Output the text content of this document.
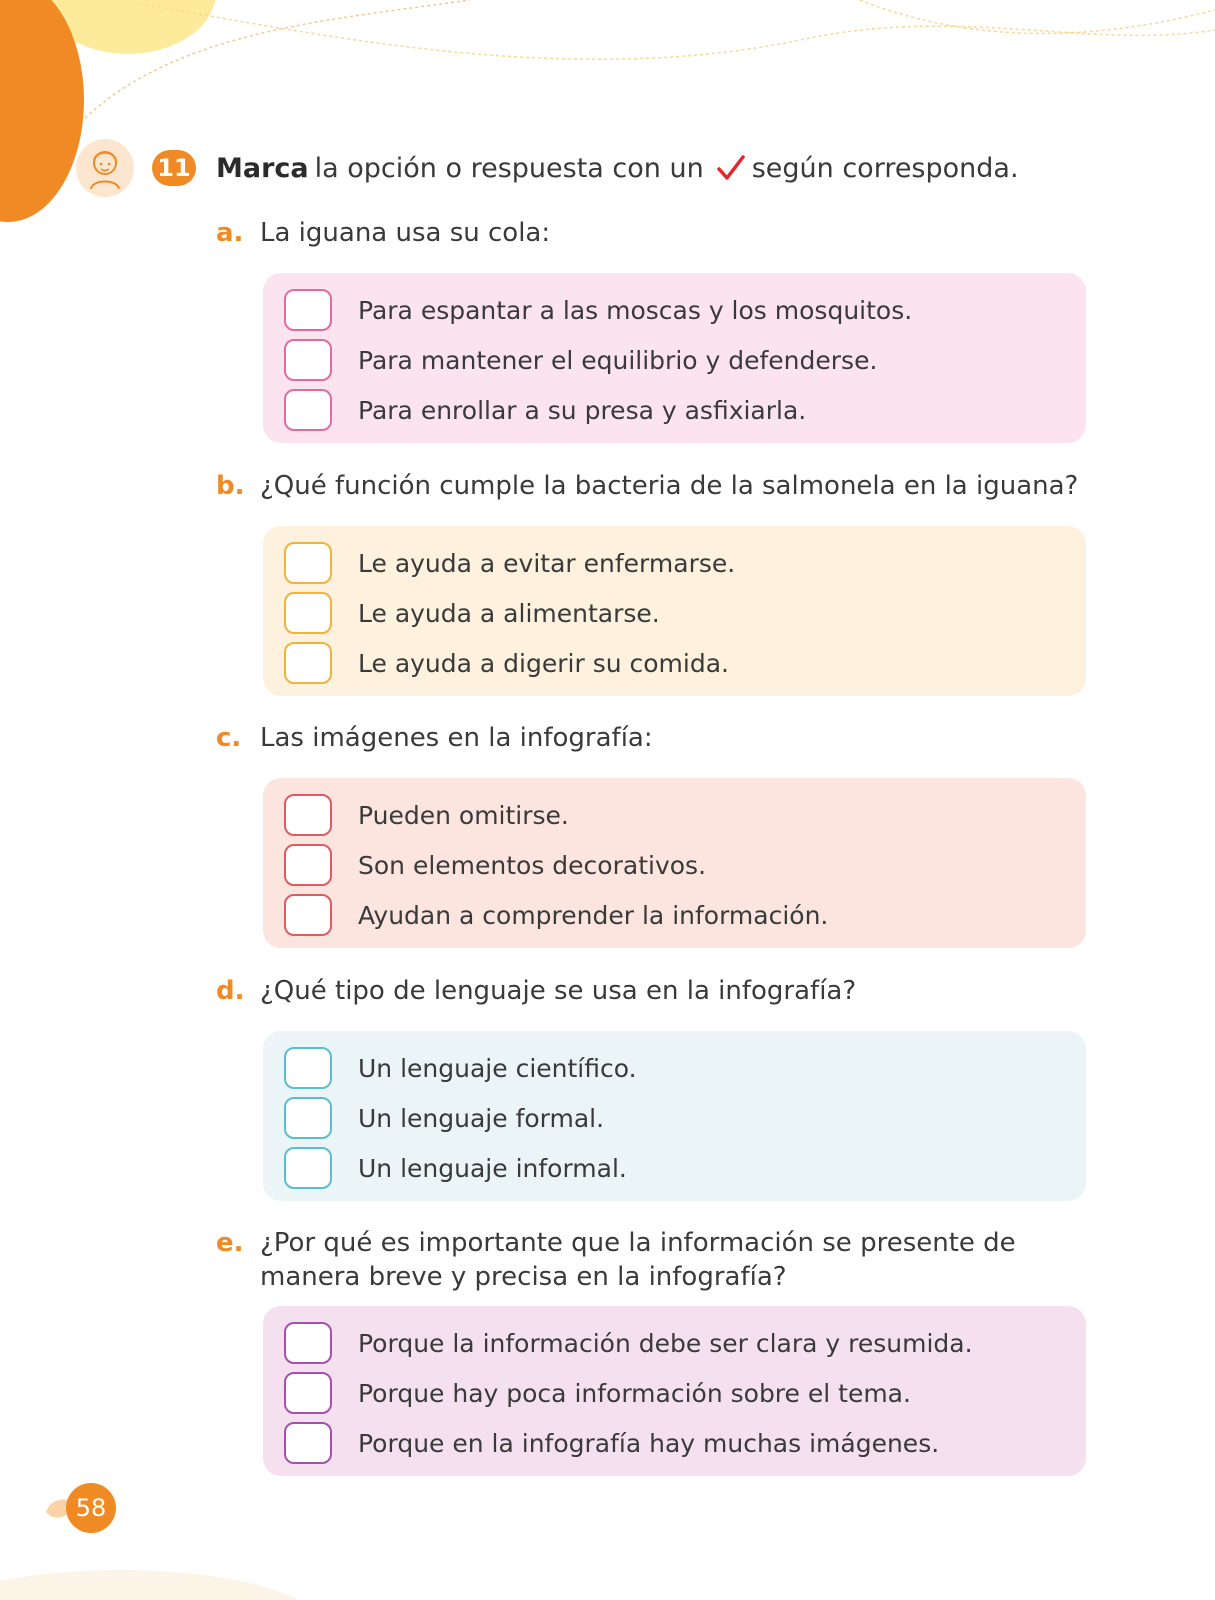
11 Marca la opción o respuesta con un según corresponda.
a. La iguana usa su cola:
Para espantar a las moscas y los mosquitos.
Para mantener el equilibrio y defenderse.
Para enrollar a su presa y asfixiarla.
b. ¿Qué función cumple la bacteria de la salmonela en la iguana?
Le ayuda a evitar enfermarse.
Le ayuda a alimentarse.
Le ayuda a digerir su comida.
c. Las imágenes en la infografía:
Pueden omitirse.
Son elementos decorativos.
Ayudan a comprender la información.
d. ¿Qué tipo de lenguaje se usa en la infografía?
Un lenguaje científico.
Un lenguaje formal.
Un lenguaje informal.
e. ¿Por qué es importante que la información se presente de manera breve y precisa en la infografía?
Porque la información debe ser clara y resumida.
Porque hay poca información sobre el tema.
Porque en la infografía hay muchas imágenes.
58
